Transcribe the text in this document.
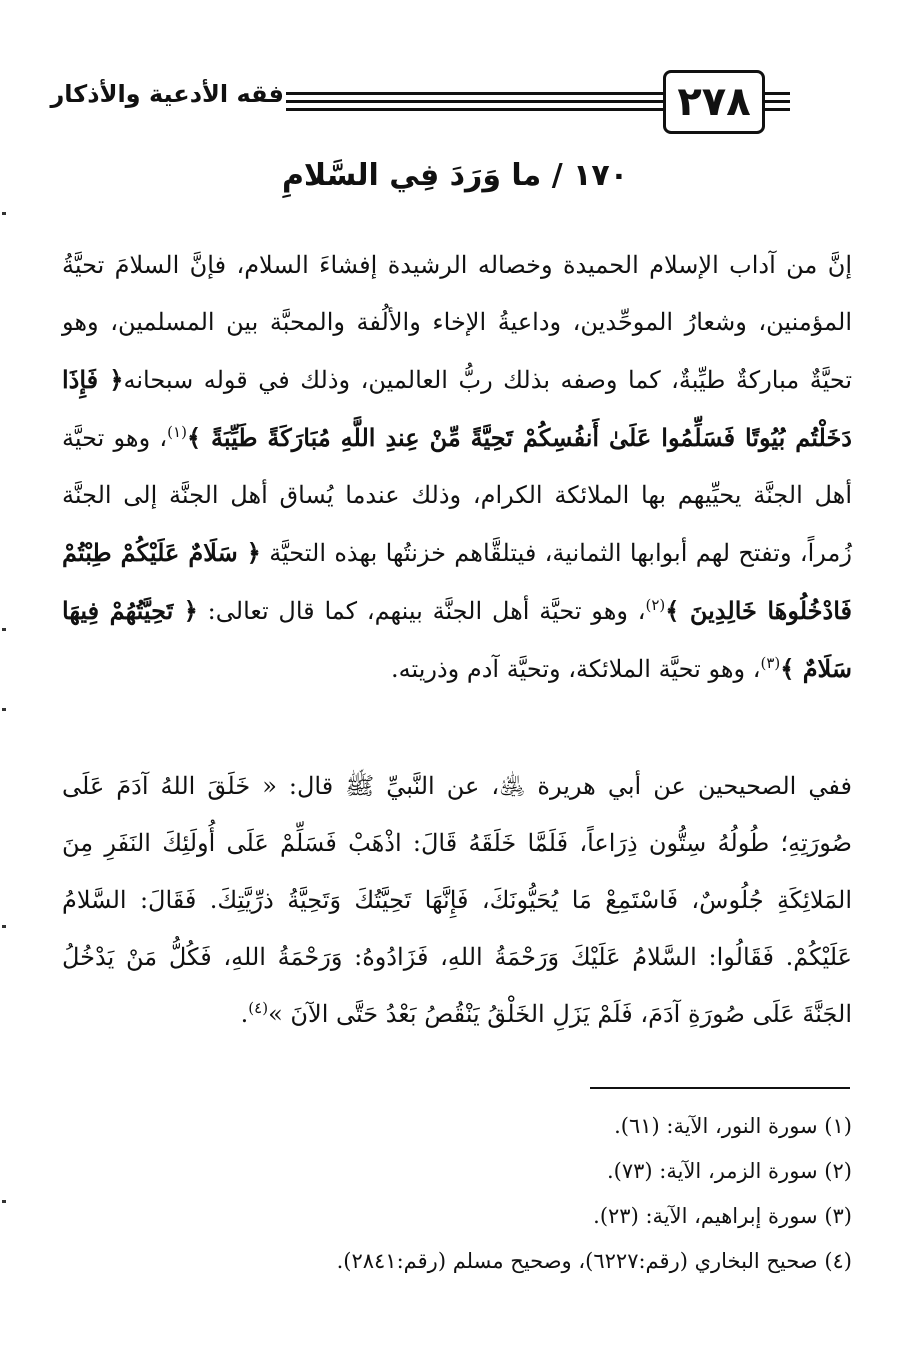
٢٧٨
فقه الأدعية والأذكار
١٧٠ / ما وَرَدَ فِي السَّلامِ

إنَّ من آداب الإسلام الحميدة وخصاله الرشيدة إفشاءَ السلام، فإنَّ السلامَ تحيَّةُ المؤمنين، وشعارُ الموحِّدين، وداعيةُ الإخاء والألُفة والمحبَّة بين المسلمين، وهو تحيَّةٌ مباركةٌ طيِّبةٌ، كما وصفه بذلك ربُّ العالمين، وذلك في قوله سبحانه﴿ فَإِذَا دَخَلْتُم بُيُوتًا فَسَلِّمُوا عَلَىٰ أَنفُسِكُمْ تَحِيَّةً مِّنْ عِندِ اللَّهِ مُبَارَكَةً طَيِّبَةً ﴾$^{(١)}$، وهو تحيَّة أهل الجنَّة يحيِّيهم بها الملائكة الكرام، وذلك عندما يُساق أهل الجنَّة إلى الجنَّة زُمراً، وتفتح لهم أبوابها الثمانية، فيتلقَّاهم خزنتُها بهذه التحيَّة ﴿ سَلَامٌ عَلَيْكُمْ طِبْتُمْ فَادْخُلُوهَا خَالِدِينَ ﴾$^{(٢)}$، وهو تحيَّة أهل الجنَّة بينهم، كما قال تعالى: ﴿ تَحِيَّتُهُمْ فِيهَا سَلَامٌ ﴾$^{(٣)}$، وهو تحيَّة الملائكة، وتحيَّة آدم وذريته.

ففي الصحيحين عن أبي هريرة ﵁، عن النَّبيِّ ﷺ قال: « خَلَقَ اللهُ آدَمَ عَلَى صُورَتِهِ؛ طُولُهُ سِتُّون ذِرَاعاً، فَلَمَّا خَلَقَهُ قَالَ: اذْهَبْ فَسَلِّمْ عَلَى أُولَئِكَ النَفَرِ مِنَ المَلائِكَةِ جُلُوسٌ، فَاسْتَمِعْ مَا يُحَيُّونَكَ، فَإِنَّهَا تَحِيَّتُكَ وَتَحِيَّةُ ذرِّيَّتِكَ. فَقَالَ: السَّلامُ عَلَيْكُمْ. فَقَالُوا: السَّلامُ عَلَيْكَ وَرَحْمَةُ اللهِ، فَزَادُوهُ: وَرَحْمَةُ اللهِ، فَكُلُّ مَنْ يَدْخُلُ الجَنَّةَ عَلَى صُورَةِ آدَمَ، فَلَمْ يَزَلِ الخَلْقُ يَنْقُصُ بَعْدُ حَتَّى الآنَ »$^{(٤)}$.

(١) سورة النور، الآية: (٦١).
(٢) سورة الزمر، الآية: (٧٣).
(٣) سورة إبراهيم، الآية: (٢٣).
(٤) صحيح البخاري (رقم:٦٢٢٧)، وصحيح مسلم (رقم:٢٨٤١).
